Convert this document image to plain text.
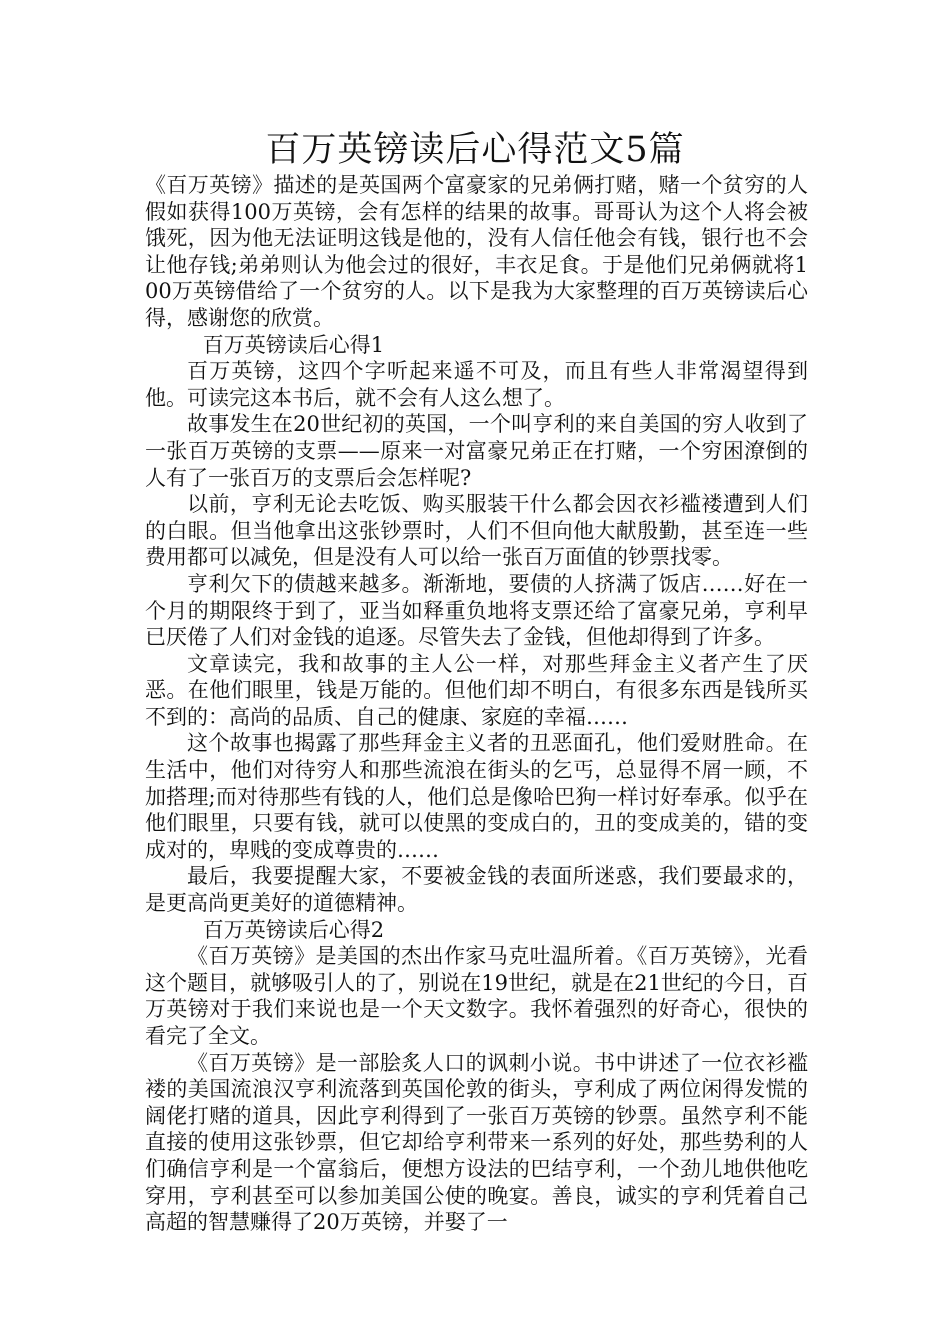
百万英镑读后心得范文5篇

《百万英镑》描述的是英国两个富豪家的兄弟俩打赌，赌一个贫穷的人假如获得100万英镑，会有怎样的结果的故事。哥哥认为这个人将会被饿死，因为他无法证明这钱是他的，没有人信任他会有钱，银行也不会让他存钱;弟弟则认为他会过的很好，丰衣足食。于是他们兄弟俩就将100万英镑借给了一个贫穷的人。以下是我为大家整理的百万英镑读后心得，感谢您的欣赏。

百万英镑读后心得1

百万英镑，这四个字听起来遥不可及，而且有些人非常渴望得到他。可读完这本书后，就不会有人这么想了。

故事发生在20世纪初的英国，一个叫亨利的来自美国的穷人收到了一张百万英镑的支票——原来一对富豪兄弟正在打赌，一个穷困潦倒的人有了一张百万的支票后会怎样呢?

以前，亨利无论去吃饭、购买服装干什么都会因衣衫褴褛遭到人们的白眼。但当他拿出这张钞票时，人们不但向他大献殷勤，甚至连一些费用都可以减免，但是没有人可以给一张百万面值的钞票找零。

亨利欠下的债越来越多。渐渐地，要债的人挤满了饭店……好在一个月的期限终于到了，亚当如释重负地将支票还给了富豪兄弟，亨利早已厌倦了人们对金钱的追逐。尽管失去了金钱，但他却得到了许多。

文章读完，我和故事的主人公一样，对那些拜金主义者产生了厌恶。在他们眼里，钱是万能的。但他们却不明白，有很多东西是钱所买不到的：高尚的品质、自己的健康、家庭的幸福……

这个故事也揭露了那些拜金主义者的丑恶面孔，他们爱财胜命。在生活中，他们对待穷人和那些流浪在街头的乞丐，总显得不屑一顾，不加搭理;而对待那些有钱的人，他们总是像哈巴狗一样讨好奉承。似乎在他们眼里，只要有钱，就可以使黑的变成白的，丑的变成美的，错的变成对的，卑贱的变成尊贵的……

最后，我要提醒大家，不要被金钱的表面所迷惑，我们要最求的，是更高尚更美好的道德精神。

百万英镑读后心得2

《百万英镑》是美国的杰出作家马克吐温所着。《百万英镑》，光看这个题目，就够吸引人的了，别说在19世纪，就是在21世纪的今日，百万英镑对于我们来说也是一个天文数字。我怀着强烈的好奇心，很快的看完了全文。

《百万英镑》是一部脍炙人口的讽刺小说。书中讲述了一位衣衫褴褛的美国流浪汉亨利流落到英国伦敦的街头，亨利成了两位闲得发慌的阔佬打赌的道具，因此亨利得到了一张百万英镑的钞票。虽然亨利不能直接的使用这张钞票，但它却给亨利带来一系列的好处，那些势利的人们确信亨利是一个富翁后，便想方设法的巴结亨利，一个劲儿地供他吃穿用，亨利甚至可以参加美国公使的晚宴。善良，诚实的亨利凭着自己高超的智慧赚得了20万英镑，并娶了一
